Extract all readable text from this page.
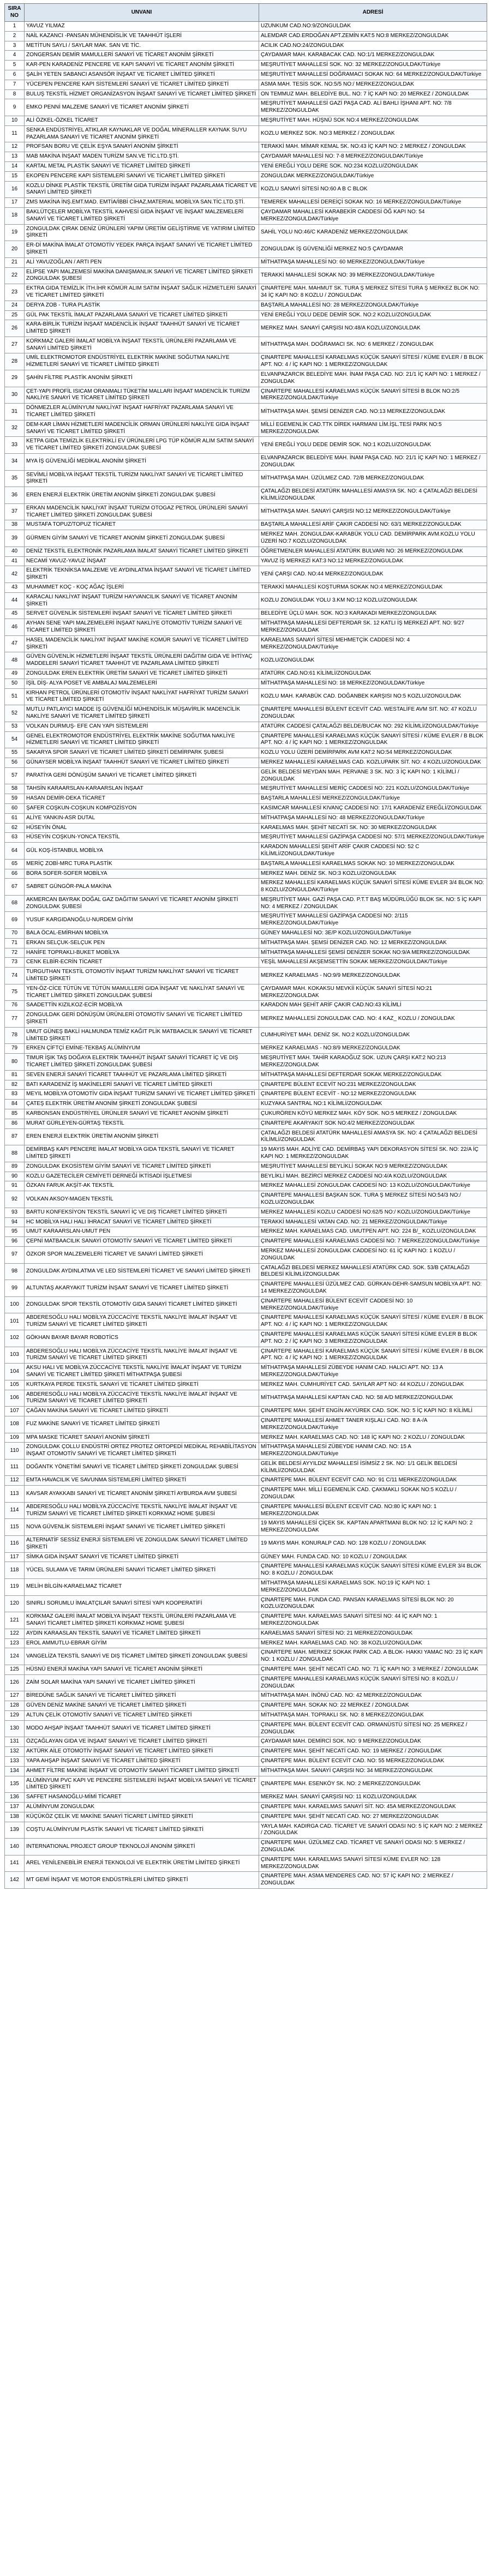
SIRA NO	UNVANI	ADRESİ
1	YAVUZ YILMAZ	UZUNKUM CAD.NO:9/ZONGULDAK
2	NAİL KAZANCI -PANSAN MÜHENDİSLİK VE TAAHHÜT İŞLERİ	ALEMDAR CAD.ERDOĞAN APT.ZEMİN KAT:5 NO:8 MERKEZ/ZONGULDAK
3	METİTUN SAYLI / SAYLAR MAK. SAN VE TİC.	ACILIK CAD.NO:24/ZONGULDAK
4	ZONGERSAN DEMİR MAMULLERİ SANAYİ VE TİCARET ANONİM ŞİRKETİ	ÇAYDAMAR MAH. KARABACAK CAD. NO:1/1 MERKEZ/ZONGULDAK
5	KAR-PEN KARADENİZ PENCERE VE KAPI SANAYİ VE TİCARET ANONİM ŞİRKETİ	MEŞRUTİYET MAHALLESİ SOK. NO: 32 MERKEZ/ZONGULDAK/Türkiye
6	ŞALİH YETEN SABANCI ASANSÖR İNŞAAT VE TİCARET LİMİTED ŞİRKETİ	MEŞRUTİYET MAHALLESİ DOĞRAMACI SOKAK NO: 64 MERKEZ/ZONGULDAK/Türkiye
7	YÜCEPEN PENCERE KAPI SİSTEMLERİ SANAYİ VE TİCARET LİMİTED ŞİRKETİ	ASMA MAH. TESİS SOK. NO:5/5 NO:/ MERKEZ/ZONGULDAK
8	BULUŞ TEKSTİL HİZMET ORGANİZASYON İNŞAAT SANAYİ VE TİCARET LİMİTED ŞİRKETİ	ON TEMMUZ MAH. BELEDİYE BUL. NO: 7 İÇ KAPI NO: 20 MERKEZ / ZONGULDAK
9	EMKO PENNİ MALZEME SANAYİ VE TİCARET ANONİM ŞİRKETİ	MEŞRUTİYET MAHALLESİ GAZİ PAŞA CAD. ALİ BAHLI İŞHANI APT. NO: 7/8 MERKEZ/ZONGULDAK
10	ALİ ÖZKEL-ÖZKEL TİCARET	MEŞRUTİYET MAH. HÜŞNÜ SOK NO:4 MERKEZ/ZONGULDAK
11	SENKA ENDÜSTRİYEL ATIKLAR KAYNAKLAR VE DOĞAL MİNERALLER KAYNAK SUYU PAZARLAMA SANAYİ VE TİCARET ANONİM ŞİRKETİ	KOZLU MERKEZ SOK. NO:3 MERKEZ / ZONGULDAK
12	PROFSAN BORU VE ÇELİK EŞYA SANAYİ ANONİM ŞİRKETİ	TERAKKİ MAH. MİMAR KEMAL SK. NO:43 İÇ KAPI NO: 2 MERKEZ / ZONGULDAK
13	MAB MAKİNA İNŞAAT MADEN TURİZM SAN.VE TİC.LTD.ŞTİ.	ÇAYDAMAR MAHALLESİ NO: 7-8 MERKEZ/ZONGULDAK/Türkiye
14	KARTAL METAL PLASTİK SANAYİ VE TİCARET LİMİTED ŞİRKETİ	YENİ EREĞLİ YOLU DERE SOK. NO:234 KOZLU/ZONGULDAK
15	EKOPEN PENCERE KAPI SİSTEMLERİ SANAYİ VE TİCARET LİMİTED ŞİRKETİ	ZONGULDAK MERKEZ/ZONGULDAK/Türkiye
16	KOZLU DİNKE PLASTİK TEKSTİL ÜRETİM GIDA TURİZM İNŞAAT PAZARLAMA TİCARET VE SANAYİ LİMİTED ŞİRKETİ	KOZLU SANAYİ SİTESİ NO:60 A B C BLOK
17	ZMS MAKİNA İNŞ.EMT.MAD. EMTİA/İBBİ CİHAZ,MATERIAL MOBİLYA SAN.TİC.LTD.ŞTİ.	TEMEREK MAHALLESİ DEREİÇİ SOKAK NO: 16 MERKEZ/ZONGULDAK/Türkiye
18	BAKLÜTÇELER MOBİLYA TEKSTİL KAHVESİ GIDA İNŞAAT VE İNŞAAT MALZEMELERİ SANAYİ VE TİCARET LİMİTED ŞİRKETİ	ÇAYDAMAR MAHALLESİ KARABEKİR CADDESİ ÖĞ KAPI NO: 54 MERKEZ/ZONGULDAK/Türkiye
19	ZONGULDAK ÇIRAK DENİZ ÜRÜNLERİ YAPIM ÜRETİM GELİŞTİRME VE YATIRIM LİMİTED ŞİRKETİ	SAHİL YOLU NO:46/C KARADENİZ MERKEZ/ZONGULDAK
20	ER-Dİ MAKİNA İMALAT OTOMOTİV YEDEK PARÇA İNŞAAT SANAYİ VE TİCARET LİMİTED ŞİRKETİ	ZONGULDAK İŞ GÜVENLİĞİ MERKEZ NO:5 ÇAYDAMAR
21	ALİ YAVUZOĞLAN / ARTI PEN	MİTHATPAŞA MAHALLESİ NO: 60 MERKEZ/ZONGULDAK/Türkiye
22	ELİPSE YAPI MALZEMESİ MAKİNA DANIŞMANLIK SANAYİ VE TİCARET LİMİTED ŞİRKETİ ZONGULDAK ŞUBESİ	TERAKKİ MAHALLESİ SOKAK NO: 39 MERKEZ/ZONGULDAK/Türkiye
23	EKTRA GIDA TEMİZLİK İTH.İHR KÖMÜR ALIM SATIM İNŞAAT SAĞLIK HİZMETLERİ SANAYİ VE TİCARET LİMİTED ŞİRKETİ	ÇINARTEPE MAH. MAHMUT SK. TURA Ş MERKEZ SİTESİ TURA Ş MERKEZ BLOK NO: 34 İÇ KAPI NO: 8 KOZLU / ZONGULDAK
24	DERYA ZOB - TURA PLASTİK	BAŞTARLA MAHALLESİ NO: 28 MERKEZ/ZONGULDAK/Türkiye
25	GÜL PAK TEKSTİL İMALAT PAZARLAMA SANAYİ VE TİCARET LİMİTED ŞİRKETİ	YENİ EREĞLİ YOLU DEDE DEMİR SOK. NO:2 KOZLU/ZONGULDAK
26	KARA-BİRLİK TURİZM İNŞAAT MADENCİLİK İNŞAAT TAAHHÜT SANAYİ VE TİCARET LİMİTED ŞİRKETİ	MERKEZ MAH. SANAYİ ÇARŞISI NO:48/A KOZLU/ZONGULDAK
27	KORKMAZ GALERİ İMALAT MOBİLYA İNŞAAT TEKSTİL ÜRÜNLERİ PAZARLAMA VE SANAYİ LİMİTED ŞİRKETİ	MİTHATPAŞA MAH. DOĞRAMACI SK. NO: 6 MERKEZ / ZONGULDAK
28	UMİL ELEKTROMOTOR ENDÜSTRİYEL ELEKTRİK MAKİNE SOĞUTMA NAKLİYE HİZMETLERİ SANAYİ VE TİCARET LİMİTED ŞİRKETİ	ÇINARTEPE MAHALLESİ KARAELMAS KÜÇÜK SANAYİ SİTESİ / KÜME EVLER / B BLOK APT. NO: 4 / İÇ KAPI NO: 1 MERKEZ/ZONGULDAK
29	ŞAHİN FİLTRE PLASTİK ANONİM ŞİRKETİ	ELVANPAZARCIK BELEDİYE MAH. İNAM PAŞA CAD. NO: 21/1 İÇ KAPI NO: 1 MERKEZ / ZONGULDAK
30	ÇET-YAPI PROFİL ISICAM ORANMALI TÜKETİM MALLARI İNŞAAT MADENCİLİK TURİZM NAKLİYE SANAYİ VE TİCARET LİMİTED ŞİRKETİ	ÇINARTEPE MAHALLESİ KARAELMAS KÜÇÜK SANAYİ SİTESİ B BLOK NO:2/5 MERKEZ/ZONGULDAK/Türkiye
31	DÖNMEZLER ALÜMİNYUM NAKLİYAT İNŞAAT HAFRİYAT PAZARLAMA SANAYİ VE TİCARET LİMİTED ŞİRKETİ	MİTHATPAŞA MAH. ŞEMSİ DENİZER CAD. NO:13 MERKEZ/ZONGULDAK
32	DEM-KAR LİMAN HİZMETLERİ MADENCİLİK ORMAN ÜRÜNLERİ NAKLİYE GIDA İNŞAAT SANAYİ VE TİCARET LİMİTED ŞİRKETİ	MİLLİ EGEMENLİK CAD.TTK DİREK HARMANI LİM.İŞL.TESİ PARK NO:5 MERKEZ/ZONGULDAK
33	KETPA GIDA TEMİZLİK ELEKTRİKLİ EV ÜRÜNLERİ LPG TÜP KÖMÜR ALIM SATIM SANAYİ VE TİCARET LİMİTED ŞİRKETİ ZONGULDAK ŞUBESİ	YENİ EREĞLİ YOLU DEDE DEMİR SOK. NO:1 KOZLU/ZONGULDAK
34	MYA İŞ GÜVENLİĞİ MEDİKAL ANONİM ŞİRKETİ	ELVANPAZARCIK BELEDİYE MAH. İNAM PAŞA CAD. NO: 21/1 İÇ KAPI NO: 1 MERKEZ / ZONGULDAK
35	SEVİMLİ MOBİLYA İNŞAAT TEKSTİL TURİZM NAKLİYAT SANAYİ VE TİCARET LİMİTED ŞİRKETİ	MİTHATPAŞA MAH. ÜZÜLMEZ CAD. 72/B MERKEZ/ZONGULDAK
36	EREN ENERJİ ELEKTRİK ÜRETİM ANONİM ŞİRKETİ ZONGULDAK ŞUBESİ	ÇATALAĞZI BELDESİ ATATÜRK MAHALLESİ AMASYA SK. NO: 4 ÇATALAĞZI BELDESİ KİLİMLİ/ZONGULDAK
37	ERKAN MADENCİLİK NAKLİYAT İNŞAAT TURİZM OTOGAZ PETROL ÜRÜNLERİ SANAYİ TİCARET LİMİTED ŞİRKETİ ZONGULDAK ŞUBESİ	MİTHATPAŞA MAH. SANAYİ ÇARŞISI NO:12 MERKEZ/ZONGULDAK/Türkiye
38	MUSTAFA TOPUZ/TOPUZ TİCARET	BAŞTARLA MAHALLESİ ARİF ÇAKIR CADDESİ NO: 63/1 MERKEZ/ZONGULDAK
39	GÜRMEN GİYİM SANAYİ VE TİCARET ANONİM ŞİRKETİ ZONGULDAK ŞUBESİ	MERKEZ MAH. ZONGULDAK-KARABÜK YOLU CAD. DEMİRPARK AVM.KOZLU YOLU ÜZERİ NO:7 KOZLU/ZONGULDAK
40	DENİZ TEKSTİL ELEKTRONİK PAZARLAMA İMALAT SANAYİ TİCARET LİMİTED ŞİRKETİ	ÖĞRETMENLER MAHALLESİ ATATÜRK BULVARI NO: 26 MERKEZ/ZONGULDAK
41	NECAMİ YAVUZ-YAVUZ İNŞAAT	YAVUZ İŞ MERKEZİ KAT:3 NO:12 MERKEZ/ZONGULDAK
42	ELEKTRİK TEKNİKSA MALZEME VE AYDINLATMA İNŞAAT SANAYİ VE TİCARET LİMİTED ŞİRKETİ	YENİ ÇARŞI CAD. NO:44 MERKEZ/ZONGULDAK
43	MUHAMMET KOÇ - KOÇ AĞAÇ İŞLERİ	TERAKKİ MAHALLESİ KOŞTURMA SOKAK NO:4 MERKEZ/ZONGULDAK
44	KARACALI NAKLİYAT İNŞAAT TURİZM HAYVANCILIK SANAYİ VE TİCARET ANONİM ŞİRKETİ	KOZLU ZONGULDAK YOLU 3.KM NO:12 KOZLU/ZONGULDAK
45	SERVET GÜVENLİK SİSTEMLERİ İNŞAAT SANAYİ VE TİCARET LİMİTED ŞİRKETİ	BELEDİYE ÜÇLÜ MAH. SOK. NO:3 KARAKADI MERKEZ/ZONGULDAK
46	AYHAN SENE YAPI MALZEMELERİ İNŞAAT NAKLİYE OTOMOTİV TURİZM SANAYİ VE TİCARET LİMİTED ŞİRKETİ	MİTHATPAŞA MAHALLESİ DEFTERDAR SK. 12 KATLI İŞ MERKEZİ APT. NO: 9/27 MERKEZ/ZONGULDAK
47	HASEL MADENCİLİK NAKLİYAT İNŞAAT MAKİNE KOMÜR SANAYİ VE TİCARET LİMİTED ŞİRKETİ	KARAELMAS SANAYİ SİTESİ MEHMETÇİK CADDESİ NO: 4 MERKEZ/ZONGULDAK/Türkiye
48	GÜVEN GÜVENLİK HİZMETLERİ İNŞAAT TEKSTİL ÜRÜNLERİ DAĞITIM GIDA VE İHTİYAÇ MADDELERİ SANAYİ TİCARET TAAHHÜT VE PAZARLAMA LİMİTED ŞİRKETİ	KOZLU/ZONGULDAK
49	ZONGULDAK EREN ELEKTRİK ÜRETİM SANAYİ VE TİCARET LİMİTED ŞİRKETİ	ATATÜRK CAD.NO:61 KİLİMLİ/ZONGULDAK
50	İŞİL DİŞ- ALYA POSET VE AMBALAJ MALZEMELERİ	MİTHATPAŞA MAHALLESİ NO: 18 MERKEZ/ZONGULDAK/Türkiye
51	KIRHAN PETROL ÜRÜNLERİ OTOMOTİV İNŞAAT NAKLİYAT HAFRİYAT TURİZM SANAYİ VE TİCARET LİMİTED ŞİRKETİ	KOZLU MAH. KARABÜK CAD. DOĞANBEK KARŞISI NO:5 KOZLU/ZONGULDAK
52	MUTLU PATLAYICI MADDE İŞ GÜVENLİĞİ MÜHENDİSLİK MÜŞAVİRLİK MADENCİLİK NAKLİYE SANAYİ VE TİCARET LİMİTED ŞİRKETİ	ÇINARTEPE MAHALLESİ BÜLENT ECEVİT CAD. WESTALİFE AVM SIT. NO: 47 KOZLU ZONGULDAK
53	VOLKAN DURMUŞ- EFE CAN YAPI SİSTEMLERİ	ATATÜRK CADDESİ ÇATALAĞZI BELDE/BUCAK NO: 292 KİLİMLİ/ZONGULDAK/Türkiye
54	GENEL ELEKTROMOTOR ENDÜSTRİYEL ELEKTRİK MAKİNE SOĞUTMA NAKLİYE HİZMETLERİ SANAYİ VE TİCARET LİMİTED ŞİRKETİ	ÇINARTEPE MAHALLESİ KARAELMAS KÜÇÜK SANAYİ SİTESİ / KÜME EVLER / B BLOK APT. NO: 4 / İÇ KAPI NO: 1 MERKEZ/ZONGULDAK
55	SAKARYA SPOR SANAYİ VE TİCARET LİMİTED ŞİRKETİ DEMİRPARK ŞUBESİ	KOZLU YOLU ÜZERİ DEMİRPARK AVM KAT:2 NO:54 MERKEZ/ZONGULDAK
56	GÜNAYSER MOBİLYA İNŞAAT TAAHHÜT SANAYİ VE TİCARET LİMİTED ŞİRKETİ	MERKEZ MAHALLESİ KARAELMAS CAD. KOZLUPARK SİT. NO: 4 KOZLU/ZONGULDAK
57	PARATİYA GERİ DÖNÜŞÜM SANAYİ VE TİCARET LİMİTED ŞİRKETİ	GELİK BELDESİ MEYDAN MAH. PERVANE 3 SK. NO: 3 İÇ KAPI NO: 1 KİLİMLİ / ZONGULDAK
58	TAHSİN KARAARSLAN-KARAARSLAN İNŞAAT	MEŞRUTİYET MAHALLESİ MERİÇ CADDESİ NO: 221 KOZLU/ZONGULDAK/Türkiye
59	HASAN DEMİR-DEKA TİCARET	BAŞTARLA MAHALLESİ MERKEZ/ZONGULDAK/Türkiye
60	ŞAFER COŞKUN-COŞKUN KOMPOZİSYON	KASIMCAR MAHALLESİ KIVANÇ CADDESİ NO: 17/1 KARADENİZ EREĞLİ/ZONGULDAK
61	ALİYE YANKIN-ASR DUTAL	MİTHATPAŞA MAHALLESİ NO: 48 MERKEZ/ZONGULDAK/Türkiye
62	HÜSEYİN ÖNAL	KARAELMAS MAH. ŞEHİT NECATİ SK. NO: 30 MERKEZ/ZONGULDAK
63	HÜSEYİN COŞKUN-YONCA TEKSTİL	MEŞRUTİYET MAHALLESİ GAZİPAŞA CADDESİ NO: 57/1 MERKEZ/ZONGULDAK/Türkiye
64	GÜL KOŞ-İSTANBUL MOBİLYA	KARADON MAHALLESİ ŞEHİT ARİF ÇAKIR CADDESİ NO: 52 C KİLİMLİ/ZONGULDAK/Türkiye
65	MERİÇ ZOBİ-MRC TURA PLASTİK	BAŞTARLA MAHALLESİ KARAELMAS SOKAK NO: 10 MERKEZ/ZONGULDAK
66	BORA SOFER-SOFER MOBİLYA	MERKEZ MAH. DENİZ SK. NO:3 KOZLU/ZONGULDAK
67	SABRET GÜNGÖR-PALA MAKİNA	MERKEZ MAHALLESİ KARAELMAS KÜÇÜK SANAYİ SİTESİ KÜME EVLER 3/4 BLOK NO: 8 KOZLU/ZONGULDAK/Türkiye
68	AKMERCAN BAYRAK DOĞAL GAZ DAĞITIM SANAYİ VE TİCARET ANONİM ŞİRKETİ ZONGULDAK ŞUBESİ	MEŞRUTİYET MAH. GAZİ PAŞA CAD. P.T.T BAŞ MÜDÜRLÜĞÜ BLOK SK. NO: 5 İÇ KAPI NO: 4 MERKEZ / ZONGULDAK
69	YUSUF KARGIDANOĞLU-NURDEM GİYİM	MEŞRUTİYET MAHALLESİ GAZİPAŞA CADDESİ NO: 2/115 MERKEZ/ZONGULDAK/Türkiye
70	BALA ÖCAL-EMİRHAN MOBİLYA	GÜNEY MAHALLESİ NO: 3E/P KOZLU/ZONGULDAK/Türkiye
71	ERKAN SELÇUK-SELÇUK PEN	MİTHATPAŞA MAH. ŞEMSİ DENİZER CAD. NO: 12 MERKEZ/ZONGULDAK
72	HANİFE TOPRAKLI-BUKET MOBİLYA	MİTHATPAŞA MAHALLESİ ŞEMSİ DENİZER SOKAK NO:9/A MERKEZ/ZONGULDAK
73	CENK ELBİR-ECRİN TİCARET	YEŞİL MAHALLESİ AKŞEMSETTİN SOKAK MERKEZ/ZONGULDAK/Türkiye
74	TURGUTHAN TEKSTİL OTOMOTİV İNŞAAT TURİZM NAKLİYAT SANAYİ VE TİCARET LİMİTED ŞİRKETİ	MERKEZ KARAELMAS - NO:9/9 MERKEZ/ZONGULDAK
75	YEN-ÖZ-CİCE TÜTÜN VE TÜTÜN MAMULLERİ GIDA İNŞAAT VE NAKLİYAT SANAYİ VE TİCARET LİMİTED ŞİRKETİ ZONGULDAK ŞUBESİ	ÇAYDAMAR MAH. KOKAKSU MEVKİİ KÜÇÜK SANAYİ SİTESİ NO:21 MERKEZ/ZONGULDAK
76	SAADETTİN KIZILKOZ-ECİR MOBİLYA	KARADON MAH ŞEHİT ARİF ÇAKIR CAD.NO:43 KİLİMLİ
77	ZONGULDAK GERİ DÖNÜŞÜM ÜRÜNLERİ OTOMOTİV SANAYİ VE TİCARET LİMİTED ŞİRKETİ	MERKEZ MAHALLESİ ZONGULDAK CAD. NO: 4 KAZ_ KOZLU / ZONGULDAK
78	UMUT GÜNEŞ BAKLİ HALMUNDA TEMİZ KAĞIT PLİK MATBAACILIK SANAYİ VE TİCARET LİMİTED ŞİRKETİ	CUMHURİYET MAH. DENİZ SK. NO:2 KOZLU/ZONGULDAK
79	ERKEN ÇİFTÇİ EMİNE-TEKBAŞ ALÜMİNYUM	MERKEZ KARAELMAS - NO:8/9 MERKEZ/ZONGULDAK
80	TIMUR İŞIK TAŞ DOĞAYA ELEKTRİK TAAHHÜT İNŞAAT SANAYİ TİCARET İÇ VE DIŞ TİCARET LİMİTED ŞİRKETİ ZONGULDAK ŞUBESİ	MEŞRUTİYET MAH. TAHİR KARAOĞUZ SOK. UZUN ÇARŞI KAT:2 NO:213 MERKEZ/ZONGULDAK
81	SEVEN ENERJİ SANAYİ TİCARET TAAHHÜT VE PAZARLAMA LİMİTED ŞİRKETİ	MİTHATPAŞA MAHALLESİ DEFTERDAR SOKAK MERKEZ/ZONGULDAK
82	BATI KARADENİZ İŞ MAKİNELERİ SANAYİ VE TİCARET LİMİTED ŞİRKETİ	ÇINARTEPE BÜLENT ECEVİT NO:231 MERKEZ/ZONGULDAK
83	MEYIL MOBİLYA OTOMOTİV GIDA İNŞAAT TURİZM SANAYİ VE TİCARET LİMİTED ŞİRKETİ	ÇINARTEPE BÜLENT ECEVİT - NO:12 MERKEZ/ZONGULDAK
84	ÇATEŞ ELEKTRİK ÜRETİM ANONİM ŞİRKETİ ZONGULDAK ŞUBESİ	KUZYAKA SANTRAL NO:1 KİLİMLİ/ZONGULDAK
85	KARBONSAN ENDÜSTRİYEL ÜRÜNLER SANAYİ VE TİCARET ANONİM ŞİRKETİ	ÇUKURÖREN KÖYÜ MERKEZ MAH. KÖY SOK. NO:5 MERKEZ / ZONGULDAK
86	MURAT GÜRLEYEN-GÜRTAŞ TEKSTİL	ÇINARTEPE AKARYAKIT SOK NO:4/2 MERKEZ/ZONGULDAK
87	EREN ENERJİ ELEKTRİK ÜRETİM ANONİM ŞİRKETİ	ÇATALAĞZI BELDESİ ATATÜRK MAHALLESİ AMASYA SK. NO: 4 ÇATALAĞZI BELDESİ KİLİMLİ/ZONGULDAK
88	DEMİRBAŞ KAPI PENCERE İMALAT MOBİLYA GIDA TEKSTİL SANAYİ VE TİCARET LİMİTED ŞİRKETİ	19 MAYIS MAH. ADLİYE CAD. DEMİRBAŞ YAPI DEKORASYON SİTESİ SK. NO: 22/A İÇ KAPI NO: 1 MERKEZ/ZONGULDAK
89	ZONGULDAK EKOSİSTEM GİYİM SANAYİ VE TİCARET LİMİTED ŞİRKETİ	MEŞRUTİYET MAHALLESİ BEYLİKLİ SOKAK NO:9 MERKEZ/ZONGULDAK
90	KOZLU GAZETECİLER CEMİYETİ DERNEĞİ İKTİSADİ İŞLETMESİ	BEYLİKLİ MAH. BEZİRCİ MERKEZ CADDESİ NO:4/A KOZLU/ZONGULDAK
91	ÖZKAN FARUK AKŞİT-AK TEKSTİL	MERKEZ MAHALLESİ ZONGULDAK CADDESİ NO: 13 KOZLU/ZONGULDAK/Türkiye
92	VOLKAN AKSOY-MAGEN TEKSTİL	ÇINARTEPE MAHALLESİ BAŞKAN SOK. TURA Ş MERKEZ SİTESİ NO:54/3 NO:/ KOZLU/ZONGULDAK
93	BARTU KONFEKSİYON TEKSTİL SANAYİ İÇ VE DIŞ TİCARET LİMİTED ŞİRKETİ	MERKEZ MAHALLESİ KOZLU CADDESİ NO:62/5 NO:/ KOZLU/ZONGULDAK/Türkiye
94	HC MOBİLYA HALI HALI İHRACAT SANAYİ VE TİCARET LİMİTED ŞİRKETİ	TERAKKİ MAHALLESİ VATAN CAD. NO: 21 MERKEZ/ZONGULDAK/Türkiye
95	UMUT KARAARSLAN-UMUT PEN	MERKEZ MAH. KARAELMAS CAD. UMUTPEN APT. NO: 224 B/_ KOZLU/ZONGULDAK
96	ÇEPNİ MATBAACILIK SANAYİ OTOMOTİV SANAYİ VE TİCARET LİMİTED ŞİRKETİ	ÇINARTEPE MAHALLESİ KARAELMAS CADDESİ NO: 7 MERKEZ/ZONGULDAK/Türkiye
97	ÖZKOR SPOR MALZEMELERİ TİCARET VE SANAYİ LİMİTED ŞİRKETİ	MERKEZ MAHALLESİ ZONGULDAK CADDESİ NO: 61 İÇ KAPI NO: 1 KOZLU / ZONGULDAK
98	ZONGULDAK AYDINLATMA VE LED SİSTEMLERİ TİCARET VE SANAYİ LİMİTED ŞİRKETİ	ÇATALAĞZI BELDESİ MERKEZ MAHALLESİ ATATÜRK CAD. SOK. 53/B ÇATALAĞZI BELDESİ KİLİMLİ/ZONGULDAK
99	ALTUNTAŞ AKARYAKIT TURİZM İNŞAAT SANAYİ VE TİCARET LİMİTED ŞİRKETİ	ÇINARTEPE MAHALLESİ ÜZÜLMEZ CAD. GÜRKAN-DEHR-SAMSUN MOBİLYA APT. NO: 14 MERKEZ/ZONGULDAK
100	ZONGULDAK SPOR TEKSTİL OTOMOTİV GIDA SANAYİ TİCARET LİMİTED ŞİRKETİ	ÇINARTEPE MAHALLESİ BÜLENT ECEVİT CADDESİ NO: 10 MERKEZ/ZONGULDAK/Türkiye
101	ABDERESOĞLU HALI MOBİLYA ZÜCCACİYE TEKSTİL NAKLİYE İMALAT İNŞAAT VE TURİZM SANAYİ VE TİCARET LİMİTED ŞİRKETİ	ÇINARTEPE MAHALLESİ KARAELMAS KÜÇÜK SANAYİ SİTESİ / KÜME EVLER / B BLOK APT. NO: 4 / İÇ KAPI NO: 1 MERKEZ/ZONGULDAK
102	GÖKHAN BAYAR BAYAR ROBOTİCS	ÇINARTEPE MAHALLESİ KARAELMAS KÜÇÜK SANAYİ SİTESİ KÜME EVLER B BLOK APT. NO: 2 / İÇ KAPI NO: 3 MERKEZ/ZONGULDAK
103	ABDERESOĞLU HALI MOBİLYA ZÜCCACİYE TEKSTİL NAKLİYE İMALAT İNŞAAT VE TURİZM SANAYİ VE TİCARET LİMİTED ŞİRKETİ	ÇINARTEPE MAHALLESİ KARAELMAS KÜÇÜK SANAYİ SİTESİ / KÜME EVLER / B BLOK APT. NO: 4 / İÇ KAPI NO: 1 MERKEZ/ZONGULDAK
104	AKSU HALI VE MOBİLYA ZÜCCACİYE TEKSTİL NAKLİYE İMALAT İNŞAAT VE TURİZM SANAYİ VE TİCARET LİMİTED ŞİRKETİ MİTHATPAŞA ŞUBESİ	MİTHATPAŞA MAHALLESİ ZÜBEYDE HANIM CAD. HALICI APT. NO: 13 A MERKEZ/ZONGULDAK/Türkiye
105	KURTKAYA PERDE TEKSTİL SANAYİ VE TİCARET LİMİTED ŞİRKETİ	MERKEZ MAH. CUMHURİYET CAD. SAYILAR APT NO: 44 KOZLU / ZONGULDAK
106	ABDERESOĞLU HALI MOBİLYA ZÜCCACİYE TEKSTİL NAKLİYE İMALAT İNŞAAT VE TURİZM SANAYİ VE TİCARET LİMİTED ŞİRKETİ	MİTHATPAŞA MAHALLESİ KAPTAN CAD. NO: 58 A/D MERKEZ/ZONGULDAK
107	ÇAĞAN MAKİNA SANAYİ VE TİCARET LİMİTED ŞİRKETİ	ÇINARTEPE MAH. ŞEHİT ENGİN AKYÜREK CAD. SOK. NO: 5 İÇ KAPI NO: 8 KİLİMLİ
108	FUZ MAKİNE SANAYİ VE TİCARET LİMİTED ŞİRKETİ	ÇINARTEPE MAHALLESİ AHMET TANER KIŞLALI CAD. NO: 8 A-/A MERKEZ/ZONGULDAK/Türkiye
109	MPA MASKE TİCARET SANAYİ ANONİM ŞİRKETİ	MERKEZ MAH. KARAELMAS CAD. NO: 148 İÇ KAPI NO: 2 KOZLU / ZONGULDAK
110	ZONGULDAK ÇOLLU ENDÜSTRİ ORTEZ PROTEZ ORTOPEDİ MEDİKAL REHABİLİTASYON İNŞAAT OTOMOTİV SANAYİ VE TİCARET LİMİTED ŞİRKETİ	MİTHATPAŞA MAHALLESİ ZÜBEYDE HANIM CAD. NO: 15 A MERKEZ/ZONGULDAK/Türkiye
111	DOĞANTK YÖNETİMİ SANAYİ VE TİCARET LİMİTED ŞİRKETİ ZONGULDAK ŞUBESİ	GELİK BELDESİ AYYILDIZ MAHALLESİ İSİMSİZ 2 SK. NO: 1/1 GELİK BELDESİ KİLİMLİ/ZONGULDAK
112	EMTA HAVACILIK VE SAVUNMA SİSTEMLERİ LİMİTED ŞİRKETİ	ÇINARTEPE MAH. BÜLENT ECEVİT CAD. NO: 91 C/11 MERKEZ/ZONGULDAK
113	KAVSAR AYAKKABI SANAYİ VE TİCARET ANONİM ŞİRKETİ AYBURDA AVM ŞUBESİ	ÇINARTEPE MAH. MİLLİ EGEMENLİK CAD. ÇAKMAKLI SOKAK NO:5 KOZLU / ZONGULDAK
114	ABDERESOĞLU HALI MOBİLYA ZÜCCACİYE TEKSTİL NAKLİYE İMALAT İNŞAAT VE TURİZM SANAYİ VE TİCARET LİMİTED ŞİRKETİ KORKMAZ HOME ŞUBESİ	ÇINARTEPE MAHALLESİ BÜLENT ECEVİT CAD. NO:80 İÇ KAPI NO: 1 MERKEZ/ZONGULDAK
115	NOVA GÜVENLİK SİSTEMLERİ İNŞAAT SANAYİ VE TİCARET LİMİTED ŞİRKETİ	19 MAYIS MAHALLESİ ÇİÇEK SK. KAPTAN APARTMANI BLOK NO: 12 İÇ KAPI NO: 2 MERKEZ/ZONGULDAK
116	ALTERNATİF SESSİZ ENERJİ SİSTEMLERİ VE ZONGULDAK SANAYİ TİCARET LİMİTED ŞİRKETİ	19 MAYIS MAH. KONURALP CAD. NO: 128 KOZLU / ZONGULDAK
117	SİMKA GIDA İNŞAAT SANAYİ VE TİCARET LİMİTED ŞİRKETİ	GÜNEY MAH. FUNDA CAD. NO: 10 KOZLU / ZONGULDAK
118	YÜCEL SULAMA VE TARIM ÜRÜNLERİ SANAYİ TİCARET LİMİTED ŞİRKETİ	ÇINARTEPE MAHALLESİ KARAELMAS KÜÇÜK SANAYİ SİTESİ KÜME EVLER 3/4 BLOK NO: 8 KOZLU / ZONGULDAK
119	MELİH BİLGİN-KARAELMAZ TİCARET	MİTHATPAŞA MAHALLESİ KARAELMAS SOK. NO:19 İÇ KAPI NO: 1 MERKEZ/ZONGULDAK
120	SINIRLI SORUMLU İMALATÇILAR SANAYİ SİTESİ YAPI KOOPERATİFİ	ÇINARTEPE MAH. FUNDA CAD. PANSAN KARAELMAS SİTESİ BLOK NO: 20 KOZLU/ZONGULDAK
121	KORKMAZ GALERİ İMALAT MOBİLYA İNŞAAT TEKSTİL ÜRÜNLERİ PAZARLAMA VE SANAYİ TİCARET LİMİTED ŞİRKETİ KORKMAZ HOME ŞUBESİ	ÇINARTEPE MAH. KARAELMAS SANAYİ SİTESİ NO: 44 İÇ KAPI NO: 1 MERKEZ/ZONGULDAK
122	AYDIN KARAASLAN TEKSTİL SANAYİ VE TİCARET LİMİTED ŞİRKETİ	KARAELMAS SANAYİ SİTESİ NO: 21 MERKEZ/ZONGULDAK
123	EROL AMMUTLU-EBRAR GİYİM	MERKEZ MAH. KARAELMAS CAD. NO: 38 KOZLU/ZONGULDAK
124	VANGELİZA TEKSTİL SANAYİ VE DIŞ TİCARET LİMİTED ŞİRKETİ ZONGULDAK ŞUBESİ	ÇINARTEPE MAH. MERKEZ SOKAK PARK CAD. A BLOK- HAKKI YAMAC NO: 23 İÇ KAPI NO: 1 KOZLU / ZONGULDAK
125	HÜSNÜ ENERJİ MAKİNA YAPI SANAYİ VE TİCARET ANONİM ŞİRKETİ	ÇINARTEPE MAH. ŞEHİT NECATİ CAD. NO: 71 İÇ KAPI NO: 3 MERKEZ / ZONGULDAK
126	ZAİM SOLAR MAKİNA YAPI SANAYİ VE TİCARET LİMİTED ŞİRKETİ	ÇINARTEPE MAHALLESİ KARAELMAS KÜÇÜK SANAYİ SİTESİ NO: 8 KOZLU / ZONGULDAK
127	BİREDÜNE SAĞLIK SANAYİ VE TİCARET LİMİTED ŞİRKETİ	MİTHATPAŞA MAH. İNÖNÜ CAD. NO: 42 MERKEZ/ZONGULDAK
128	GÜVEN DENİZ MAKİNE SANAYİ VE TİCARET LİMİTED ŞİRKETİ	ÇINARTEPE MAH. SOKAK NO: 22 MERKEZ / ZONGULDAK
129	ALTUN ÇELİK OTOMOTİV SANAYİ VE TİCARET LİMİTED ŞİRKETİ	MİTHATPAŞA MAH. TOPRAKLI SK. NO: 8 MERKEZ/ZONGULDAK
130	MODO AHŞAP İNŞAAT TAAHHÜT SANAYİ VE TİCARET LİMİTED ŞİRKETİ	ÇINARTEPE MAH. BÜLENT ECEVİT CAD. ORMANÜSTÜ SİTESİ NO: 25 MERKEZ / ZONGULDAK
131	ÖZÇAĞLAYAN GIDA VE İNŞAAT SANAYİ VE TİCARET LİMİTED ŞİRKETİ	ÇAYDAMAR MAH. DEMİRCİ SOK. NO: 9 MERKEZ/ZONGULDAK
132	AKTÜRK AİLE OTOMOTİV İNŞAAT SANAYİ VE TİCARET LİMİTED ŞİRKETİ	ÇINARTEPE MAH. ŞEHİT NECATİ CAD. NO: 19 MERKEZ / ZONGULDAK
133	YAPA AHŞAP İNŞAAT SANAYİ VE TİCARET LİMİTED ŞİRKETİ	ÇINARTEPE MAH. BÜLENT ECEVİT CAD. NO: 55 MERKEZ/ZONGULDAK
134	AHMET FİLTRE MAKİNE İNŞAAT VE OTOMOTİV SANAYİ TİCARET LİMİTED ŞİRKETİ	MİTHATPAŞA MAH. SANAYİ ÇARŞISI NO: 34 MERKEZ/ZONGULDAK
135	ALÜMİNYUM PVC KAPI VE PENCERE SİSTEMLERİ İNŞAAT MOBİLYA SANAYİ VE TİCARET LİMİTED ŞİRKETİ	ÇINARTEPE MAH. ESENKÖY SK. NO: 2 MERKEZ/ZONGULDAK
136	SAFFET HASANOĞLU-MİMİ TİCARET	MERKEZ MAH. SANAYİ ÇARŞISI NO: 11 KOZLU/ZONGULDAK
137	ALÜMİNYUM ZONGULDAK	ÇINARTEPE MAH. KARAELMAS SANAYİ SİT. NO: 45A MERKEZ/ZONGULDAK
138	KÜÇÜKÖZ ÇELİK VE MAKİNE SANAYİ TİCARET LİMİTED ŞİRKETİ	ÇINARTEPE MAH. ŞEHİT NECATİ CAD. NO: 27 MERKEZ/ZONGULDAK
139	COŞTU ALÜMİNYUM PLASTİK SANAYİ VE TİCARET LİMİTED ŞİRKETİ	YAYLA MAH. KADIRGA CAD. TİCARET VE SANAYİ ODASI NO: 5 İÇ KAPI NO: 2 MERKEZ / ZONGULDAK
140	INTERNATIONAL PROJECT GROUP TEKNOLOJİ ANONİM ŞİRKETİ	ÇINARTEPE MAH. ÜZÜLMEZ CAD. TİCARET VE SANAYİ ODASI NO: 5 MERKEZ / ZONGULDAK
141	AREL YENİLENEBİLİR ENERJİ TEKNOLOJİ VE ELEKTRİK ÜRETİM LİMİTED ŞİRKETİ	ÇINARTEPE MAH. KARAELMAS SANAYİ SİTESİ KÜME EVLER NO: 128 MERKEZ/ZONGULDAK
142	MT GEMİ İNŞAAT VE MOTOR ENDÜSTRİLERİ LİMİTED ŞİRKETİ	ÇINARTEPE MAH. ASMA MENDERES CAD. NO: 57 İÇ KAPI NO: 2 MERKEZ / ZONGULDAK
